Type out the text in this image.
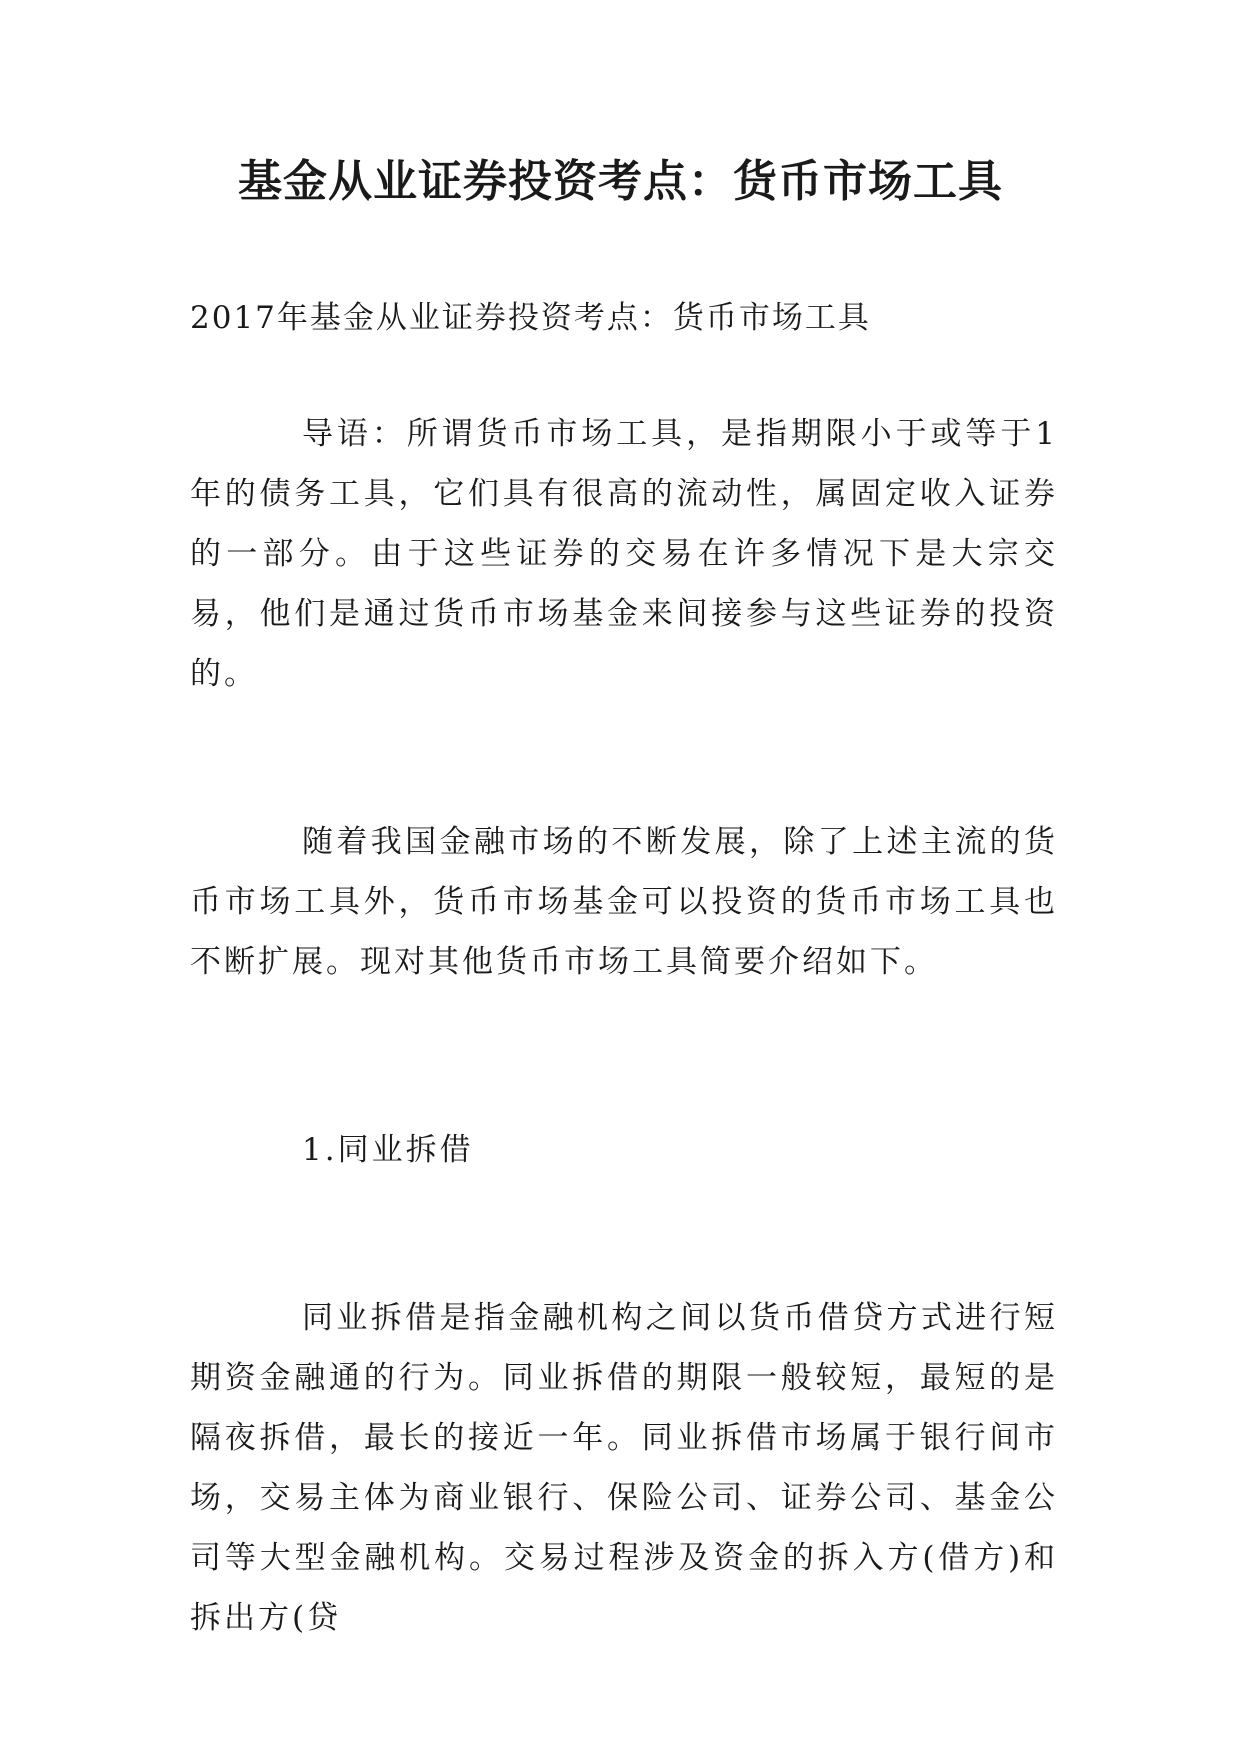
基金从业证券投资考点：货币市场工具

2017年基金从业证券投资考点：货币市场工具

导语：所谓货币市场工具，是指期限小于或等于1年的债务工具，它们具有很高的流动性，属固定收入证券的一部分。由于这些证券的交易在许多情况下是大宗交易，他们是通过货币市场基金来间接参与这些证券的投资的。

随着我国金融市场的不断发展，除了上述主流的货币市场工具外，货币市场基金可以投资的货币市场工具也不断扩展。现对其他货币市场工具简要介绍如下。

1.同业拆借

同业拆借是指金融机构之间以货币借贷方式进行短期资金融通的行为。同业拆借的期限一般较短，最短的是隔夜拆借，最长的接近一年。同业拆借市场属于银行间市场，交易主体为商业银行、保险公司、证券公司、基金公司等大型金融机构。交易过程涉及资金的拆入方(借方)和拆出方(贷
